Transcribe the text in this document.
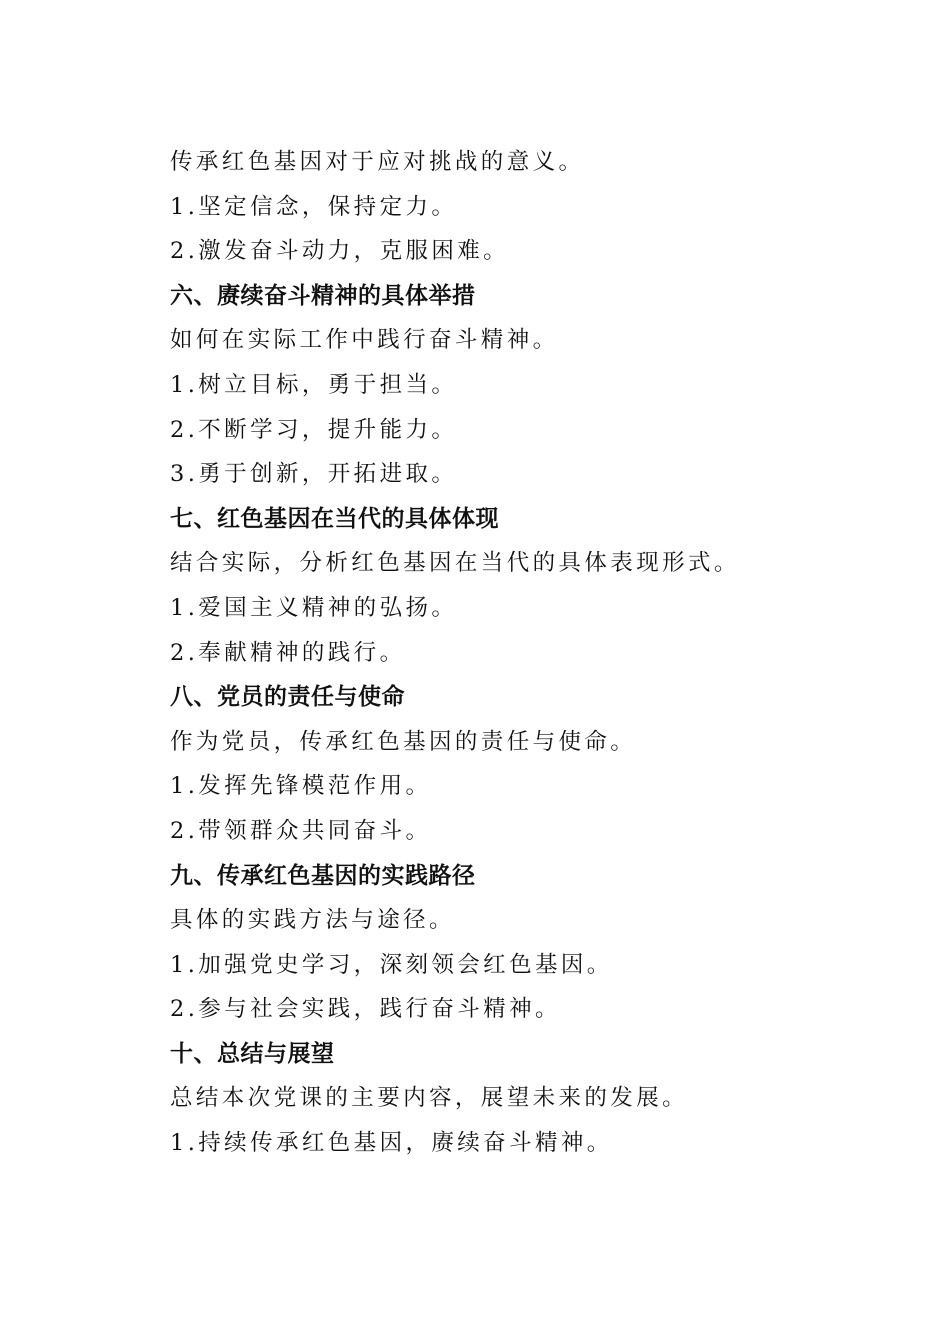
传承红色基因对于应对挑战的意义。
1.坚定信念，保持定力。
2.激发奋斗动力，克服困难。
六、赓续奋斗精神的具体举措
如何在实际工作中践行奋斗精神。
1.树立目标，勇于担当。
2.不断学习，提升能力。
3.勇于创新，开拓进取。
七、红色基因在当代的具体体现
结合实际，分析红色基因在当代的具体表现形式。
1.爱国主义精神的弘扬。
2.奉献精神的践行。
八、党员的责任与使命
作为党员，传承红色基因的责任与使命。
1.发挥先锋模范作用。
2.带领群众共同奋斗。
九、传承红色基因的实践路径
具体的实践方法与途径。
1.加强党史学习，深刻领会红色基因。
2.参与社会实践，践行奋斗精神。
十、总结与展望
总结本次党课的主要内容，展望未来的发展。
1.持续传承红色基因，赓续奋斗精神。
